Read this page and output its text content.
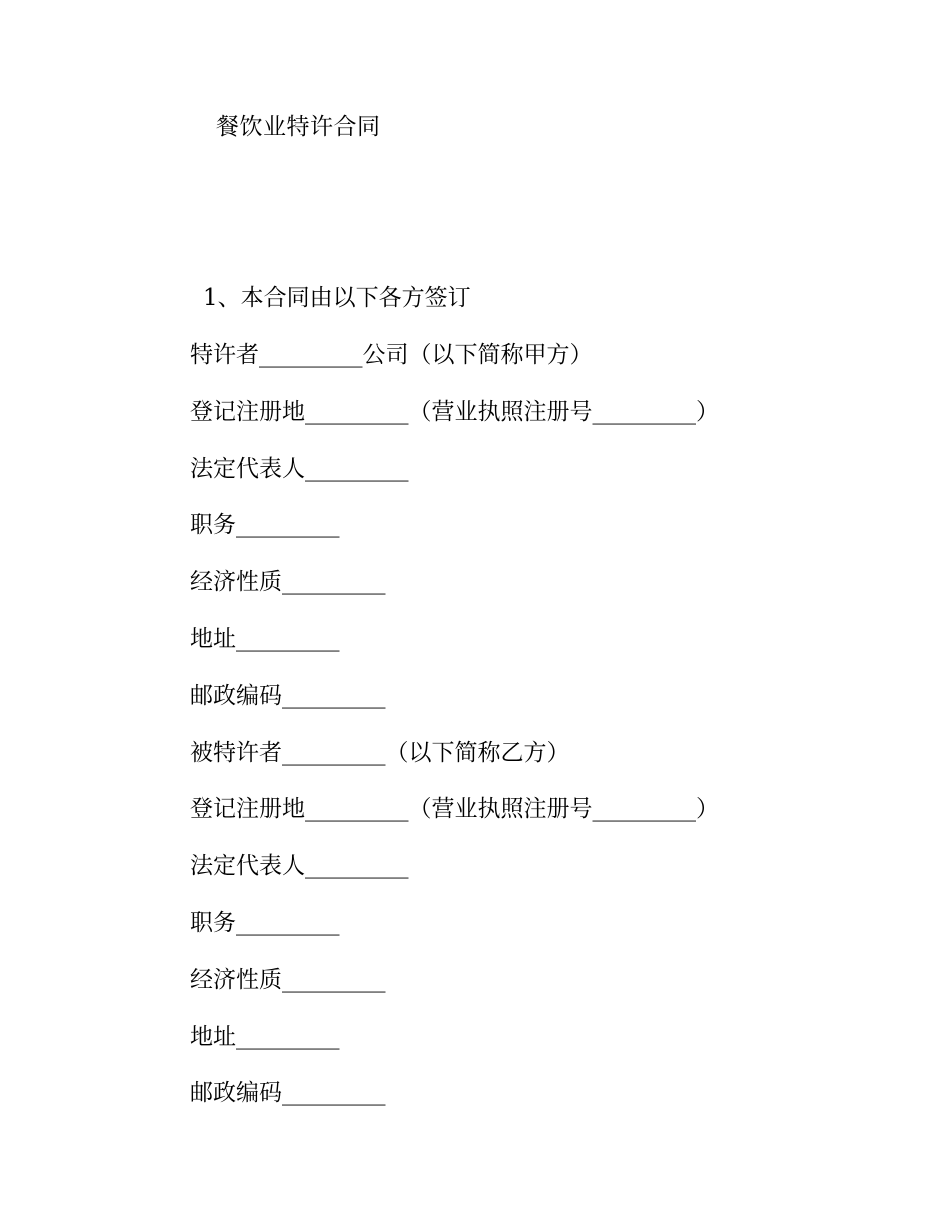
餐饮业特许合同
1、本合同由以下各方签订
特许者_________公司（以下简称甲方）
登记注册地_________（营业执照注册号_________）
法定代表人_________
职务_________
经济性质_________
地址_________
邮政编码_________
被特许者_________（以下简称乙方）
登记注册地_________（营业执照注册号_________）
法定代表人_________
职务_________
经济性质_________
地址_________
邮政编码_________
